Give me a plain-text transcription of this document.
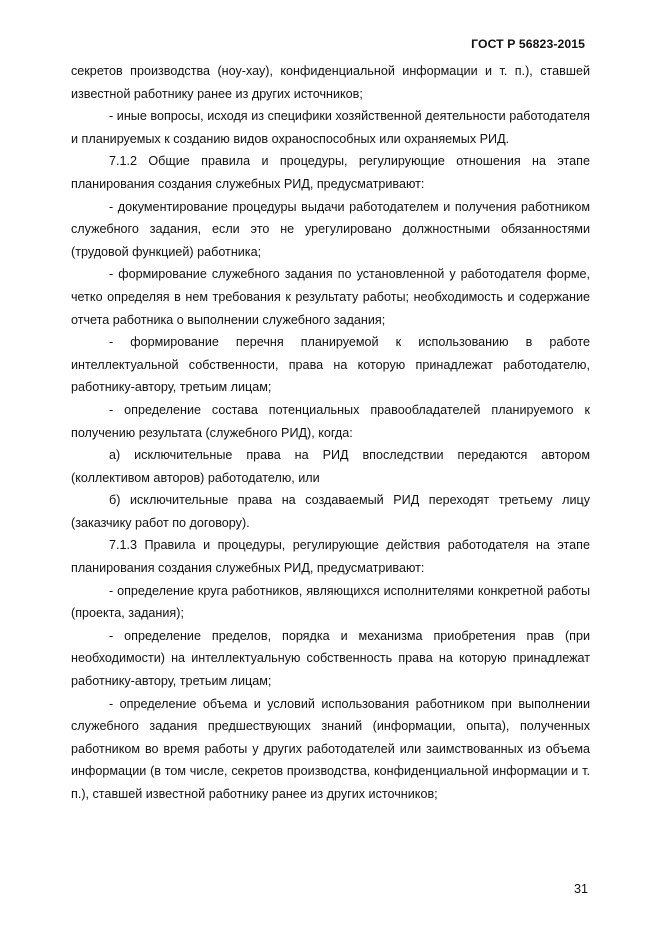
ГОСТ Р 56823-2015

секретов производства (ноу-хау), конфиденциальной информации и т. п.), ставшей известной работнику ранее из других источников;

- иные вопросы, исходя из специфики хозяйственной деятельности работодателя и планируемых к созданию видов охраноспособных или охраняемых РИД.

7.1.2 Общие правила и процедуры, регулирующие отношения на этапе планирования создания служебных РИД, предусматривают:

- документирование процедуры выдачи работодателем и получения работником служебного задания, если это не урегулировано должностными обязанностями (трудовой функцией) работника;

- формирование служебного задания по установленной у работодателя форме, четко определяя в нем требования к результату работы; необходимость и содержание отчета работника о выполнении служебного задания;

- формирование перечня планируемой к использованию в работе интеллектуальной собственности, права на которую принадлежат работодателю, работнику-автору, третьим лицам;

- определение состава потенциальных правообладателей планируемого к получению результата (служебного РИД), когда:

а) исключительные права на РИД впоследствии передаются автором (коллективом авторов) работодателю, или

б) исключительные права на создаваемый РИД переходят третьему лицу (заказчику работ по договору).

7.1.3 Правила и процедуры, регулирующие действия работодателя на этапе планирования создания служебных РИД, предусматривают:

- определение круга работников, являющихся исполнителями конкретной работы (проекта, задания);

- определение пределов, порядка и механизма приобретения прав (при необходимости) на интеллектуальную собственность права на которую принадлежат работнику-автору, третьим лицам;

- определение объема и условий использования работником при выполнении служебного задания предшествующих знаний (информации, опыта), полученных работником во время работы у других работодателей или заимствованных из объема информации (в том числе, секретов производства, конфиденциальной информации и т. п.), ставшей известной работнику ранее из других источников;

31
